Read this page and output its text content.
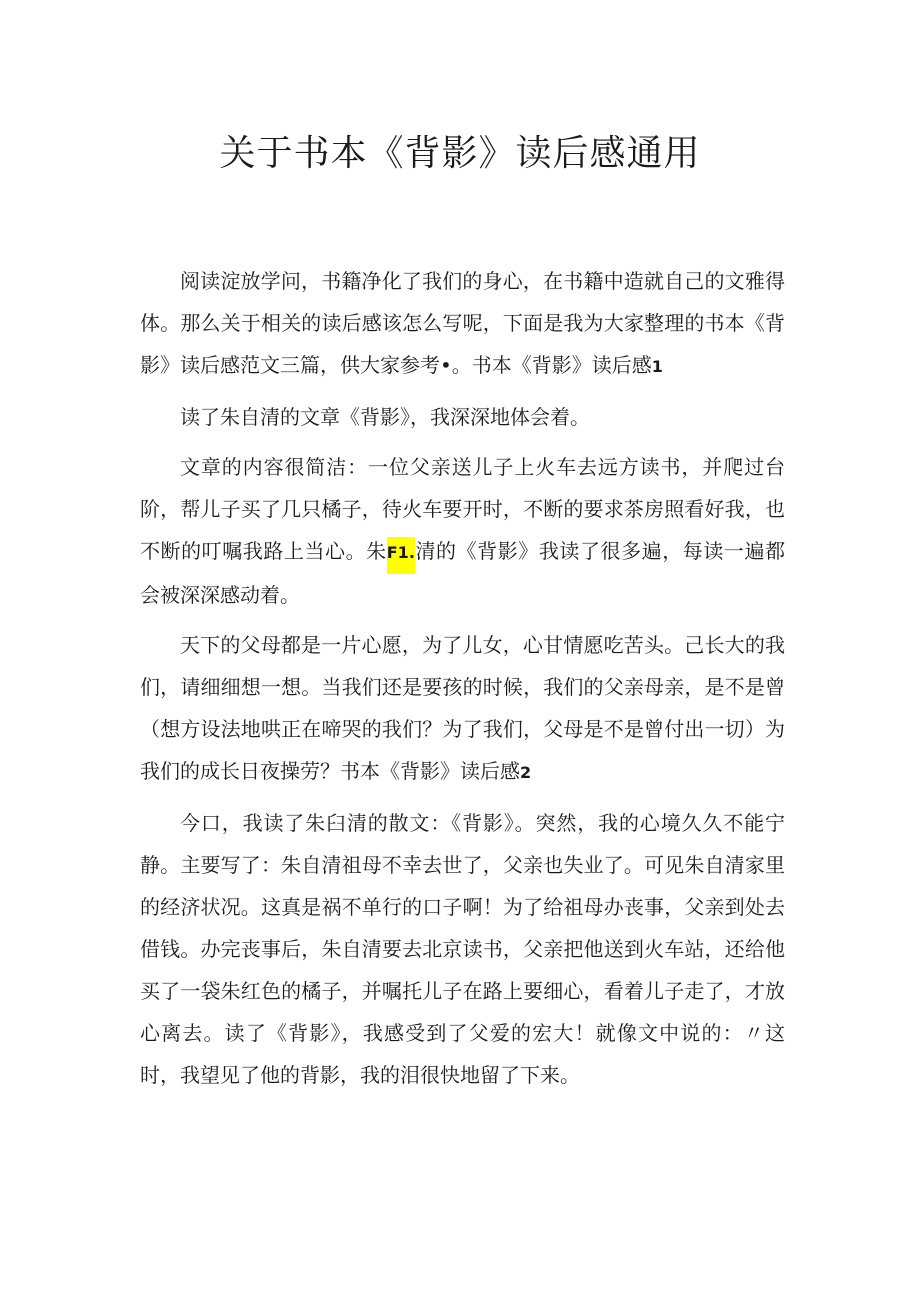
关于书本《背影》读后感通用

阅读淀放学问，书籍净化了我们的身心，在书籍中造就自己的文雅得体。那么关于相关的读后感该怎么写呢，下面是我为大家整理的书本《背影》读后感范文三篇，供大家参考•。书本《背影》读后感1

读了朱自清的文章《背影》，我深深地体会着。

文章的内容很简洁：一位父亲送儿子上火车去远方读书，并爬过台阶，帮儿子买了几只橘子，待火车要开时，不断的要求茶房照看好我，也不断的叮嘱我路上当心。朱F1.清的《背影》我读了很多遍，每读一遍都会被深深感动着。

天下的父母都是一片心愿，为了儿女，心甘情愿吃苦头。己长大的我们，请细细想一想。当我们还是要孩的时候，我们的父亲母亲，是不是曾（想方设法地哄正在啼哭的我们？为了我们，父母是不是曾付出一切）为我们的成长日夜操劳？书本《背影》读后感2

今口，我读了朱臼清的散文：《背影》。突然，我的心境久久不能宁静。主要写了：朱自清祖母不幸去世了，父亲也失业了。可见朱自清家里的经济状况。这真是祸不单行的口子啊！为了给祖母办丧事，父亲到处去借钱。办完丧事后，朱自清要去北京读书，父亲把他送到火车站，还给他买了一袋朱红色的橘子，并嘱托儿子在路上要细心，看着儿子走了，才放心离去。读了《背影》，我感受到了父爱的宏大！就像文中说的：〃这时，我望见了他的背影，我的泪很快地留了下来。
